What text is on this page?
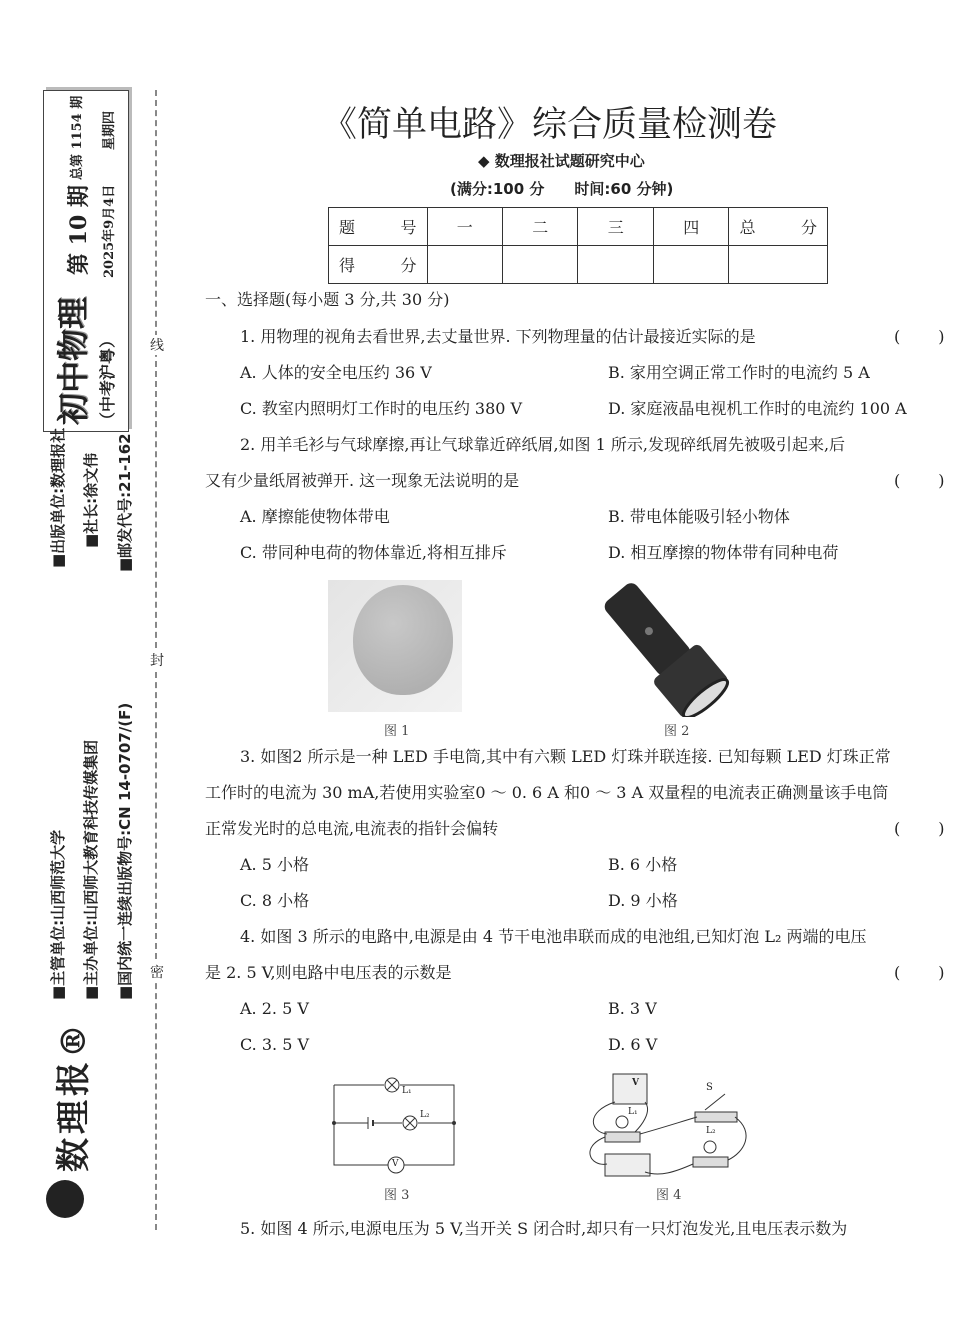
初中物理 （中考沪粤）
第 10 期
总第 1154 期
2025年9月4日
星期四
■主管单位:山西师范大学
■出版单位:数理报社
■主办单位:山西师大教育科技传媒集团
■社长:徐文伟
■国内统一连续出版物号:CN 14-0707/(F)
■邮发代号:21-162
数理报®
线
封
密
《简单电路》综合质量检测卷
◆ 数理报社试题研究中心
(满分:100 分　　时间:60 分钟)
题　　号	一	二	三	四	总　　分
得　　分					
一、选择题(每小题 3 分,共 30 分)
1. 用物理的视角去看世界,去丈量世界. 下列物理量的估计最接近实际的是	(　　)
A. 人体的安全电压约 36 V	B. 家用空调正常工作时的电流约 5 A
C. 教室内照明灯工作时的电压约 380 V	D. 家庭液晶电视机工作时的电流约 100 A
2. 用羊毛衫与气球摩擦,再让气球靠近碎纸屑,如图 1 所示,发现碎纸屑先被吸引起来,后
又有少量纸屑被弹开. 这一现象无法说明的是	(　　)
A. 摩擦能使物体带电	B. 带电体能吸引轻小物体
C. 带同种电荷的物体靠近,将相互排斥	D. 相互摩擦的物体带有同种电荷
图 1	图 2
3. 如图2 所示是一种 LED 手电筒,其中有六颗 LED 灯珠并联连接. 已知每颗 LED 灯珠正常
工作时的电流为 30 mA,若使用实验室0 ～ 0. 6 A 和0 ～ 3 A 双量程的电流表正确测量该手电筒
正常发光时的总电流,电流表的指针会偏转	(　　)
A. 5 小格	B. 6 小格
C. 8 小格	D. 9 小格
4. 如图 3 所示的电路中,电源是由 4 节干电池串联而成的电池组,已知灯泡 L₂ 两端的电压
是 2. 5 V,则电路中电压表的示数是	(　　)
A. 2. 5 V	B. 3 V
C. 3. 5 V	D. 6 V
L₁
L₂
V
图 3
V
L₁
S
L₂
图 4
5. 如图 4 所示,电源电压为 5 V,当开关 S 闭合时,却只有一只灯泡发光,且电压表示数为
